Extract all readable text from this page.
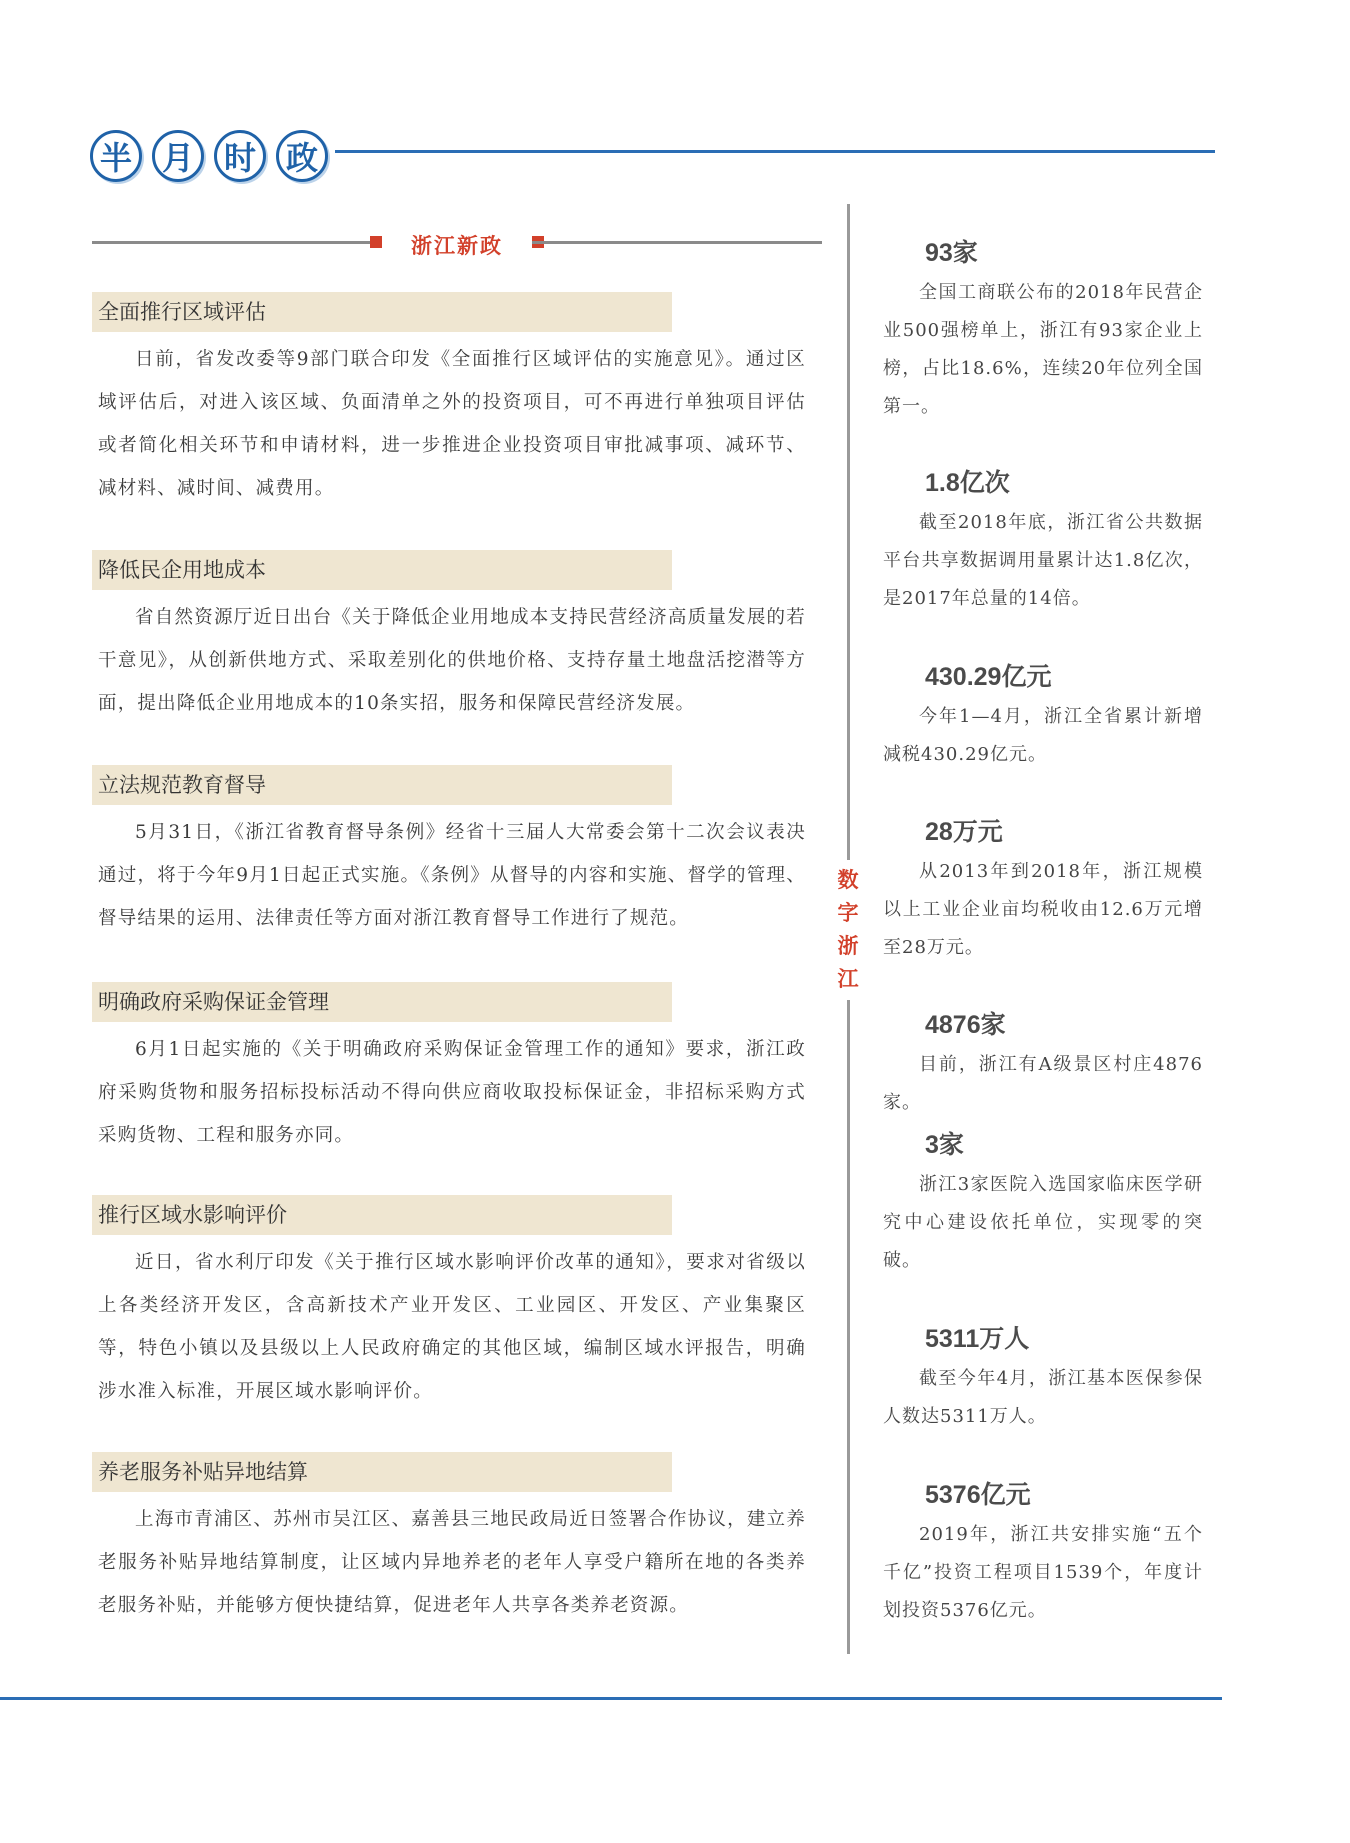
半 月 时 政
浙江新政
全面推行区域评估
日前，省发改委等9部门联合印发《全面推行区域评估的实施意见》。通过区域评估后，对进入该区域、负面清单之外的投资项目，可不再进行单独项目评估或者简化相关环节和申请材料，进一步推进企业投资项目审批减事项、减环节、减材料、减时间、减费用。
降低民企用地成本
省自然资源厅近日出台《关于降低企业用地成本支持民营经济高质量发展的若干意见》，从创新供地方式、采取差别化的供地价格、支持存量土地盘活挖潜等方面，提出降低企业用地成本的10条实招，服务和保障民营经济发展。
立法规范教育督导
5月31日，《浙江省教育督导条例》经省十三届人大常委会第十二次会议表决通过，将于今年9月1日起正式实施。《条例》从督导的内容和实施、督学的管理、督导结果的运用、法律责任等方面对浙江教育督导工作进行了规范。
明确政府采购保证金管理
6月1日起实施的《关于明确政府采购保证金管理工作的通知》要求，浙江政府采购货物和服务招标投标活动不得向供应商收取投标保证金，非招标采购方式采购货物、工程和服务亦同。
推行区域水影响评价
近日，省水利厅印发《关于推行区域水影响评价改革的通知》，要求对省级以上各类经济开发区，含高新技术产业开发区、工业园区、开发区、产业集聚区等，特色小镇以及县级以上人民政府确定的其他区域，编制区域水评报告，明确涉水准入标准，开展区域水影响评价。
养老服务补贴异地结算
上海市青浦区、苏州市吴江区、嘉善县三地民政局近日签署合作协议，建立养老服务补贴异地结算制度，让区域内异地养老的老年人享受户籍所在地的各类养老服务补贴，并能够方便快捷结算，促进老年人共享各类养老资源。
数
字
浙
江
93家
全国工商联公布的2018年民营企业500强榜单上，浙江有93家企业上榜，占比18.6%，连续20年位列全国第一。
1.8亿次
截至2018年底，浙江省公共数据平台共享数据调用量累计达1.8亿次，是2017年总量的14倍。
430.29亿元
今年1—4月，浙江全省累计新增减税430.29亿元。
28万元
从2013年到2018年，浙江规模以上工业企业亩均税收由12.6万元增至28万元。
4876家
目前，浙江有A级景区村庄4876家。
3家
浙江3家医院入选国家临床医学研究中心建设依托单位，实现零的突破。
5311万人
截至今年4月，浙江基本医保参保人数达5311万人。
5376亿元
2019年，浙江共安排实施“五个千亿”投资工程项目1539个，年度计划投资5376亿元。
